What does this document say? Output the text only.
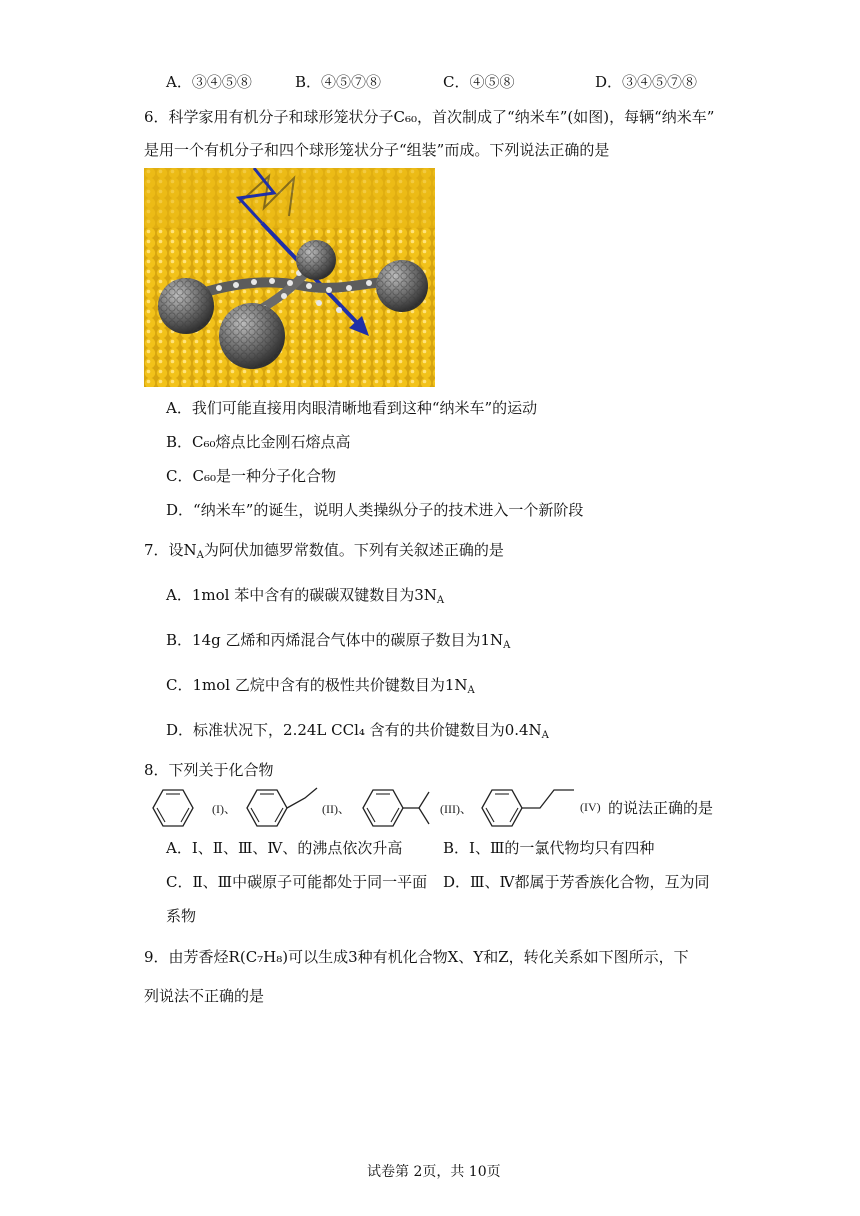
A．③④⑤⑧	B．④⑤⑦⑧	C．④⑤⑧	D．③④⑤⑦⑧
6．科学家用有机分子和球形笼状分子C₆₀，首次制成了“纳米车”(如图)，每辆“纳米车”
是用一个有机分子和四个球形笼状分子“组装”而成。下列说法正确的是
A．我们可能直接用肉眼清晰地看到这种“纳米车”的运动
B．C₆₀熔点比金刚石熔点高
C．C₆₀是一种分子化合物
D．“纳米车”的诞生，说明人类操纵分子的技术进入一个新阶段
7．设$N_A$为阿伏加德罗常数值。下列有关叙述正确的是
A．1mol 苯中含有的碳碳双键数目为$3N_A$
B．14g 乙烯和丙烯混合气体中的碳原子数目为$1N_A$
C．1mol 乙烷中含有的极性共价键数目为$1N_A$
D．标准状况下，2.24L CCl₄ 含有的共价键数目为$0.4N_A$
8．下列关于化合物
(I)、	(II)、	(III)、	(IV) 的说法正确的是
A．Ⅰ、Ⅱ、Ⅲ、Ⅳ、的沸点依次升高	B．Ⅰ、Ⅲ的一氯代物均只有四种
C．Ⅱ、Ⅲ中碳原子可能都处于同一平面 D．Ⅲ、Ⅳ都属于芳香族化合物，互为同
系物
9．由芳香烃R(C₇H₈)可以生成3种有机化合物X、Y和Z，转化关系如下图所示，下
列说法不正确的是
试卷第 2页，共 10页
